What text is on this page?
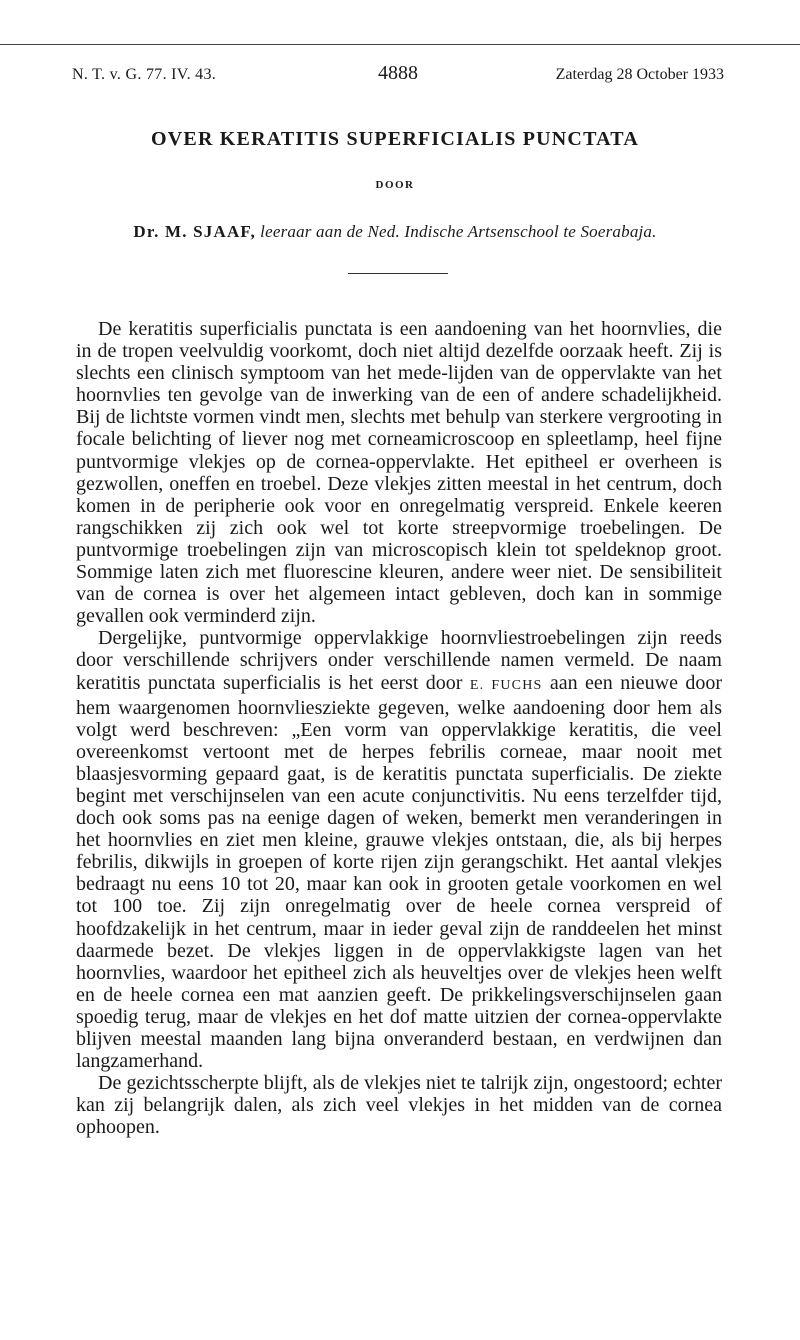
N. T. v. G. 77. IV. 43.	4888	Zaterdag 28 October 1933
OVER KERATITIS SUPERFICIALIS PUNCTATA
DOOR
Dr. M. SJAAF, leeraar aan de Ned. Indische Artsenschool te Soerabaja.

De keratitis superficialis punctata is een aandoening van het hoornvlies, die in de tropen veelvuldig voorkomt, doch niet altijd dezelfde oorzaak heeft. Zij is slechts een clinisch symptoom van het mede-lijden van de oppervlakte van het hoornvlies ten gevolge van de inwerking van de een of andere schadelijkheid. Bij de lichtste vormen vindt men, slechts met behulp van sterkere vergrooting in focale belichting of liever nog met corneamicroscoop en spleetlamp, heel fijne puntvormige vlekjes op de cornea-oppervlakte. Het epitheel er overheen is gezwollen, oneffen en troebel. Deze vlekjes zitten meestal in het centrum, doch komen in de peripherie ook voor en onregelmatig verspreid. Enkele keeren rangschikken zij zich ook wel tot korte streepvormige troebelingen. De puntvormige troebelingen zijn van microscopisch klein tot speldeknop groot. Sommige laten zich met fluorescine kleuren, andere weer niet. De sensibiliteit van de cornea is over het algemeen intact gebleven, doch kan in sommige gevallen ook verminderd zijn.

Dergelijke, puntvormige oppervlakkige hoornvliestroebelingen zijn reeds door verschillende schrijvers onder verschillende namen vermeld. De naam keratitis punctata superficialis is het eerst door E. FUCHS aan een nieuwe door hem waargenomen hoornvliesziekte gegeven, welke aandoening door hem als volgt werd beschreven: „Een vorm van oppervlakkige keratitis, die veel overeenkomst vertoont met de herpes febrilis corneae, maar nooit met blaasjesvorming gepaard gaat, is de keratitis punctata superficialis. De ziekte begint met verschijnselen van een acute conjunctivitis. Nu eens terzelfder tijd, doch ook soms pas na eenige dagen of weken, bemerkt men veranderingen in het hoornvlies en ziet men kleine, grauwe vlekjes ontstaan, die, als bij herpes febrilis, dikwijls in groepen of korte rijen zijn gerangschikt. Het aantal vlekjes bedraagt nu eens 10 tot 20, maar kan ook in grooten getale voorkomen en wel tot 100 toe. Zij zijn onregelmatig over de heele cornea verspreid of hoofdzakelijk in het centrum, maar in ieder geval zijn de randdeelen het minst daarmede bezet. De vlekjes liggen in de oppervlakkigste lagen van het hoornvlies, waardoor het epitheel zich als heuveltjes over de vlekjes heen welft en de heele cornea een mat aanzien geeft. De prikkelingsverschijnselen gaan spoedig terug, maar de vlekjes en het dof matte uitzien der cornea-oppervlakte blijven meestal maanden lang bijna onveranderd bestaan, en verdwijnen dan langzamerhand.

De gezichtsscherpte blijft, als de vlekjes niet te talrijk zijn, ongestoord; echter kan zij belangrijk dalen, als zich veel vlekjes in het midden van de cornea ophoopen.
